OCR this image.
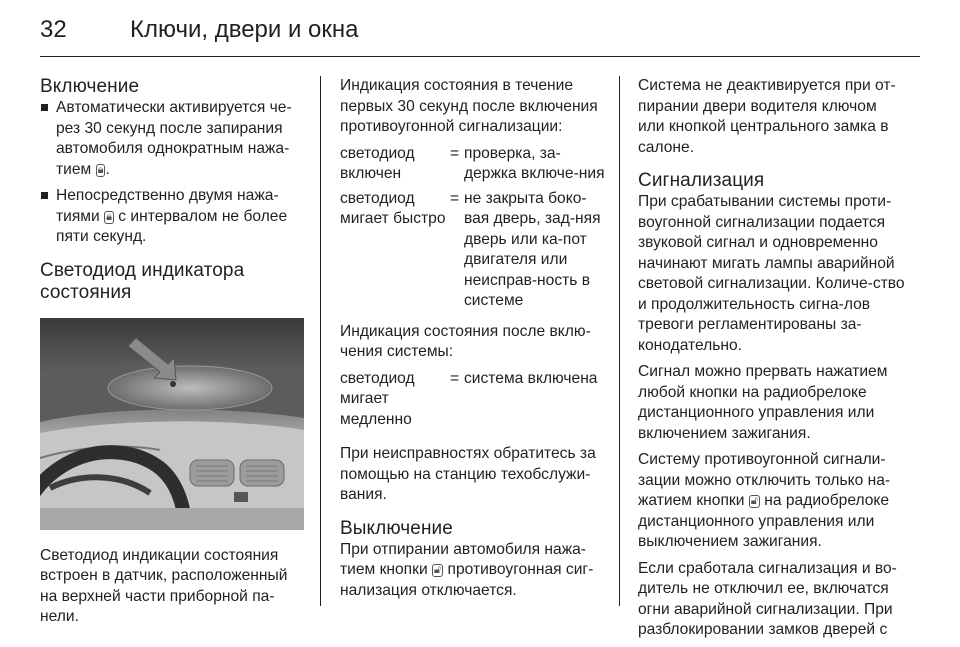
32	Ключи, двери и окна
Включение
Автоматически активируется че-рез 30 секунд после запирания автомобиля однократным нажа-тием 🔒︎ .
Непосредственно двумя нажа-тиями 🔒︎ с интервалом не более пяти секунд.
Светодиод индикатора состояния

Светодиод индикации состояния встроен в датчик, расположенный на верхней части приборной па-нели.

Индикация состояния в течение первых 30 секунд после включения противоугонной сигнализации:

светодиод включен
= проверка, за-держка включе-ния
светодиод мигает быстро
= не закрыта боко-вая дверь, зад-няя дверь или ка-пот двигателя или неисправ-ность в системе

Индикация состояния после вклю-чения системы:

светодиод мигает медленно
= система включена

При неисправностях обратитесь за помощью на станцию техобслужи-вания.

Выключение

При отпирании автомобиля нажа-тием кнопки 🔓︎ противоугонная сиг-нализация отключается.

Система не деактивируется при от-пирании двери водителя ключом или кнопкой центрального замка в салоне.

Сигнализация

При срабатывании системы проти-воугонной сигнализации подается звуковой сигнал и одновременно начинают мигать лампы аварийной световой сигнализации. Количе-ство и продолжительность сигна-лов тревоги регламентированы за-конодательно.

Сигнал можно прервать нажатием любой кнопки на радиобрелоке дистанционного управления или включением зажигания.

Систему противоугонной сигнали-зации можно отключить только на-жатием кнопки 🔓︎ на радиобрелоке дистанционного управления или выключением зажигания.

Если сработала сигнализация и во-дитель не отключил ее, включатся огни аварийной сигнализации. При разблокировании замков дверей с
